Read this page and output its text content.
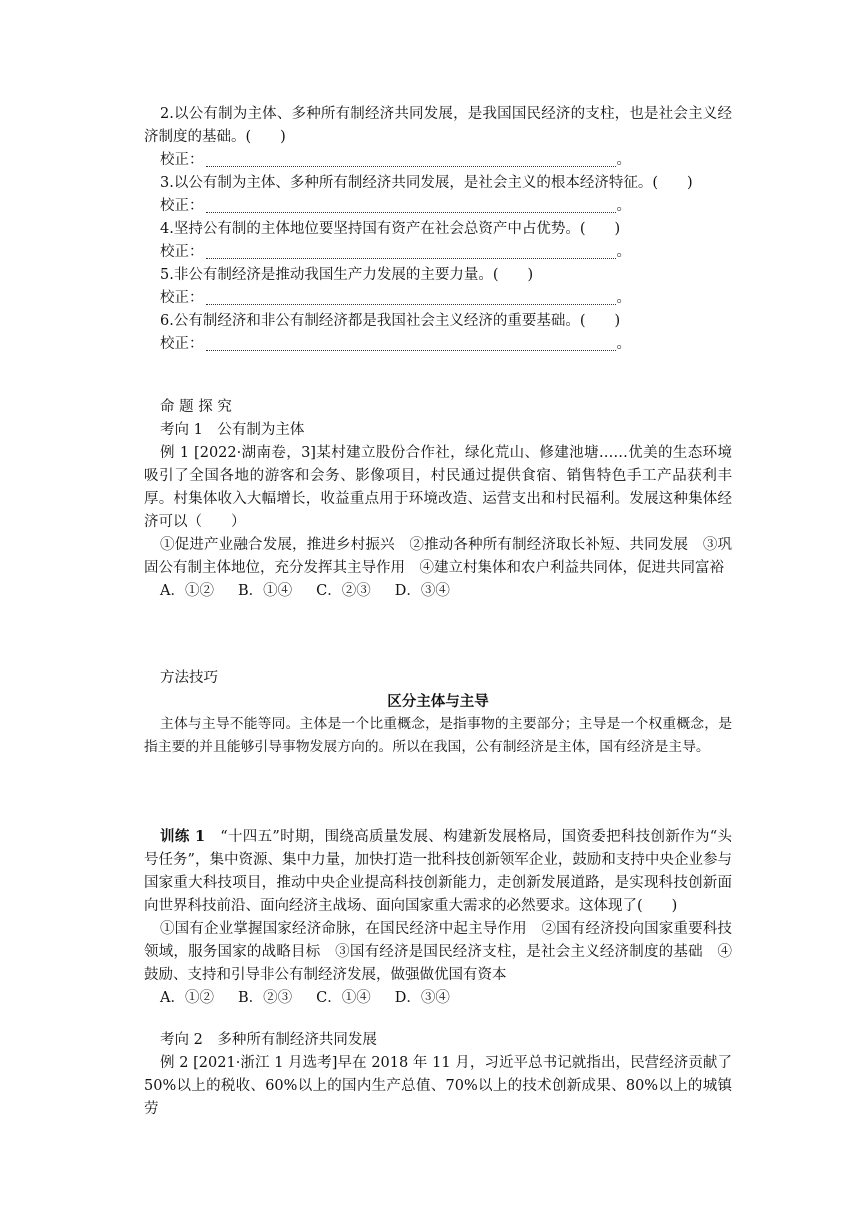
2.以公有制为主体、多种所有制经济共同发展，是我国国民经济的支柱，也是社会主义经济制度的基础。(　　)

校正：	。

3.以公有制为主体、多种所有制经济共同发展，是社会主义的根本经济特征。(　　)

校正：	。

4.坚持公有制的主体地位要坚持国有资产在社会总资产中占优势。(　　)

校正：	。

5.非公有制经济是推动我国生产力发展的主要力量。(　　)

校正：	。

6.公有制经济和非公有制经济都是我国社会主义经济的重要基础。(　　)

校正：	。

命 题 探 究

考向 1　公有制为主体

例 1 [2022·湖南卷，3]某村建立股份合作社，绿化荒山、修建池塘……优美的生态环境吸引了全国各地的游客和会务、影像项目，村民通过提供食宿、销售特色手工产品获利丰厚。村集体收入大幅增长，收益重点用于环境改造、运营支出和村民福利。发展这种集体经济可以（　　）

①促进产业融合发展，推进乡村振兴　②推动各种所有制经济取长补短、共同发展　③巩固公有制主体地位，充分发挥其主导作用　④建立村集体和农户利益共同体，促进共同富裕

A．①② B．①④ C．②③ D．③④

方法技巧

区分主体与主导

主体与主导不能等同。主体是一个比重概念，是指事物的主要部分；主导是一个权重概念，是指主要的并且能够引导事物发展方向的。所以在我国，公有制经济是主体，国有经济是主导。

训练 1　 “十四五”时期，围绕高质量发展、构建新发展格局，国资委把科技创新作为“头号任务”，集中资源、集中力量，加快打造一批科技创新领军企业，鼓励和支持中央企业参与国家重大科技项目，推动中央企业提高科技创新能力，走创新发展道路，是实现科技创新面向世界科技前沿、面向经济主战场、面向国家重大需求的必然要求。这体现了(　　)

①国有企业掌握国家经济命脉，在国民经济中起主导作用　②国有经济投向国家重要科技领域，服务国家的战略目标　③国有经济是国民经济支柱，是社会主义经济制度的基础　④鼓励、支持和引导非公有制经济发展，做强做优国有资本

A．①② B．②③ C．①④ D．③④

考向 2　多种所有制经济共同发展

例 2 [2021·浙江 1 月选考]早在 2018 年 11 月，习近平总书记就指出，民营经济贡献了 50%以上的税收、60%以上的国内生产总值、70%以上的技术创新成果、80%以上的城镇劳
